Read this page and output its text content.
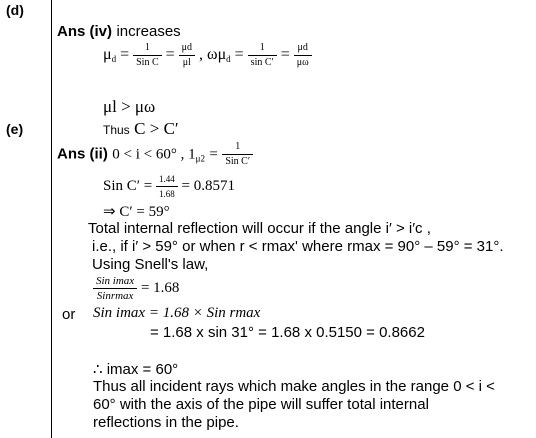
(d)
Ans (iv) increases
$\mu_d = \frac{1}{\text{Sin C}} = \frac{\mu d}{\mu l}$ , $\omega\mu_d = \frac{1}{\text{sin C′}} = \frac{\mu d}{\mu\omega}$
μl > μω
Thus C > C′
(e)
Ans (ii) 0 < i < 60° , $1_{\mu 2} = \frac{1}{\text{Sin C′}}$
Sin $C' = \frac{1.44}{1.68} = 0.8571$
⇒ C′ = 59°
Total internal reflection will occur if the angle i′ > i′c ,
i.e., if i′ > 59° or when r < rmax' where rmax = 90° – 59° = 31°.
Using Snell's law,
$\frac{\text{Sin imax}}{\text{Sinrmax}} = 1.68$
or Sin imax = 1.68 × Sin rmax
= 1.68 x sin 31° = 1.68 x 0.5150 = 0.8662
∴ imax = 60°
Thus all incident rays which make angles in the range 0 < i <
60° with the axis of the pipe will suffer total internal
reflections in the pipe.
